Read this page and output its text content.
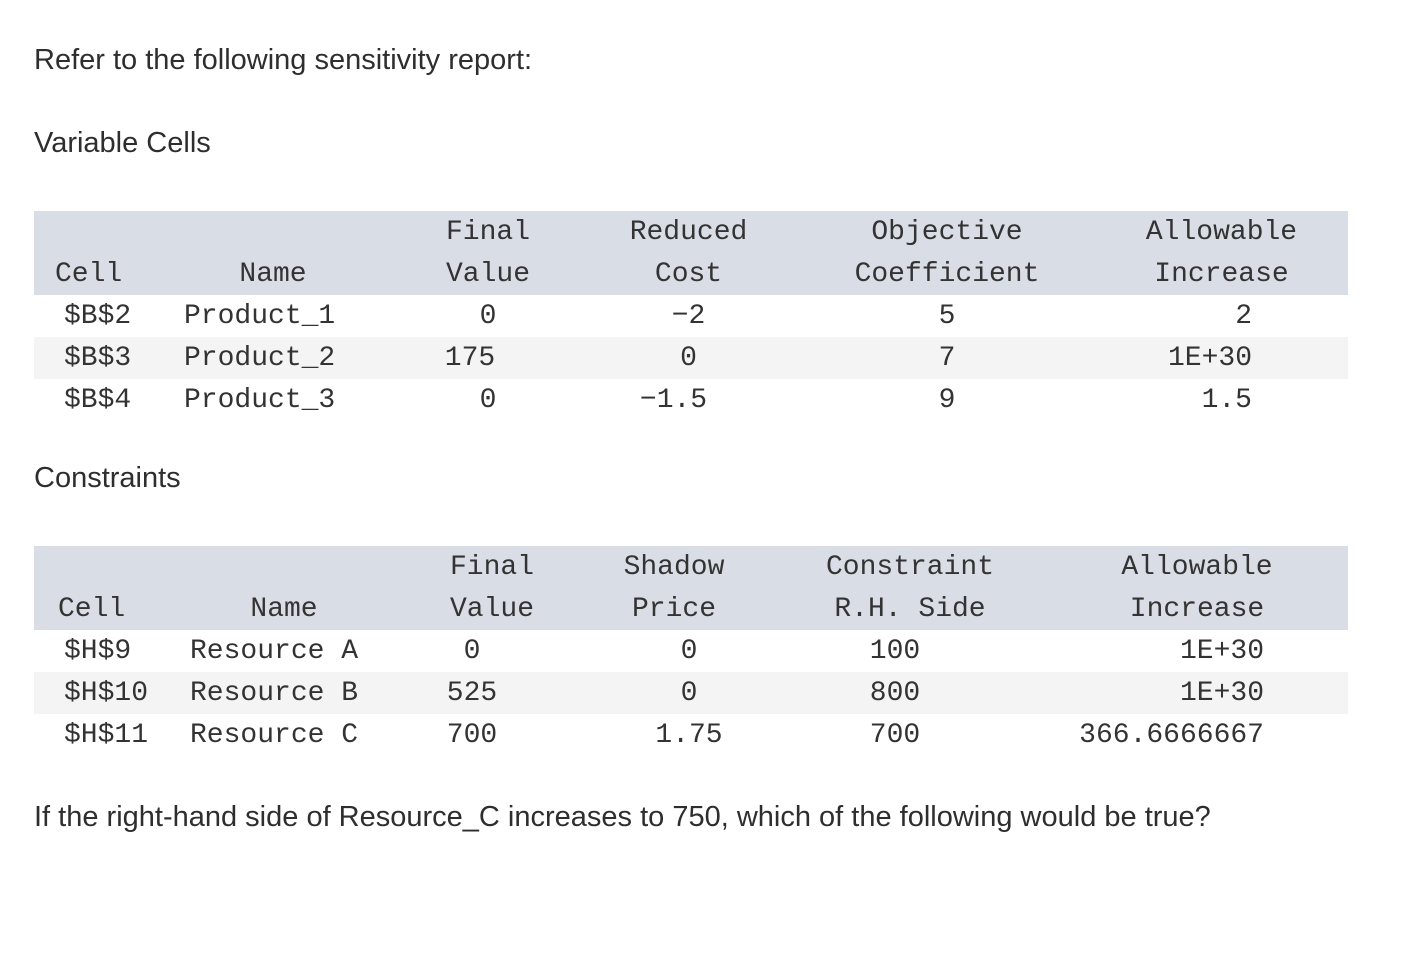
Refer to the following sensitivity report:

Variable Cells

		Final	Reduced	Objective	Allowable
Cell	Name	Value	Cost	Coefficient	Increase
$B$2	Product_1	0	−2	5	2
$B$3	Product_2	175	0	7	1E+30
$B$4	Product_3	0	−1.5	9	1.5

Constraints

		Final	Shadow	Constraint	Allowable
Cell	Name	Value	Price	R.H. Side	Increase
$H$9	Resource A	0	0	100	1E+30
$H$10	Resource B	525	0	800	1E+30
$H$11	Resource C	700	1.75	700	366.6666667

If the right-hand side of Resource_C increases to 750, which of the following would be true?
